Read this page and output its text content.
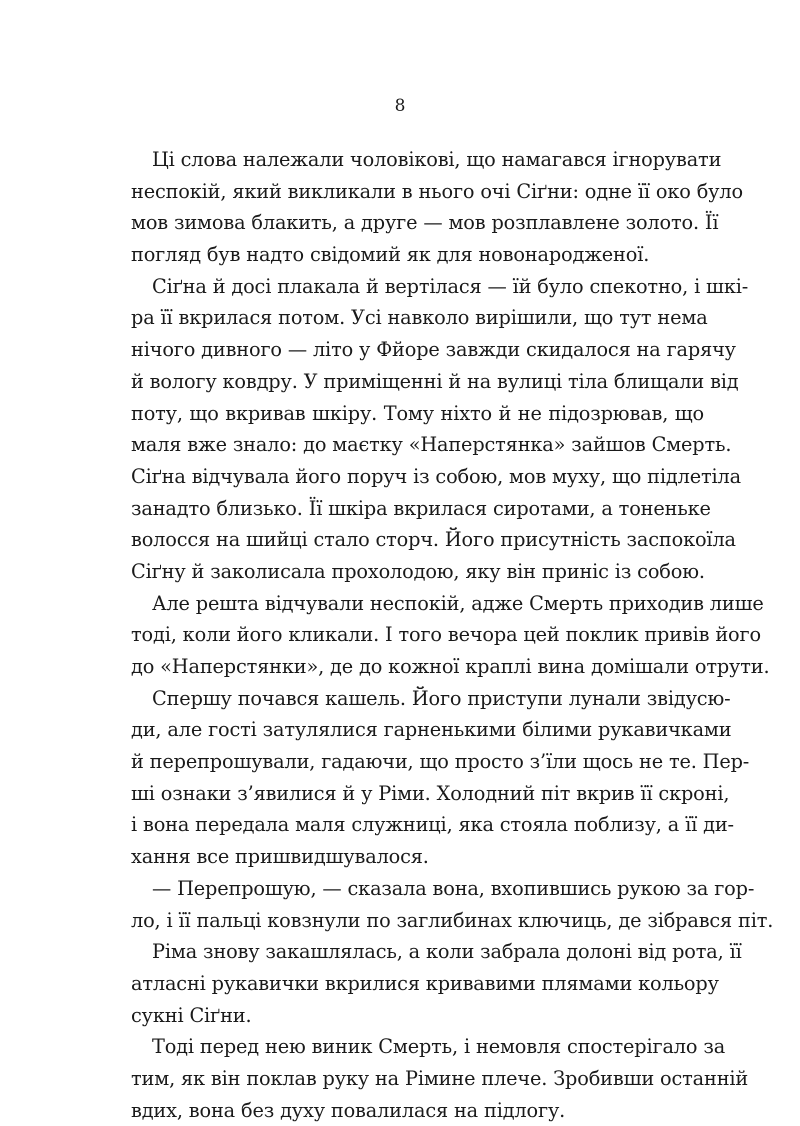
8
Ці слова належали чоловікові, що намагався ігнорувати
неспокій, який викликали в нього очі Сіґни: одне її око було
мов зимова блакить, а друге — мов розплавлене золото. Її
погляд був надто свідомий як для новонародженої.
Сіґна й досі плакала й вертілася — їй було спекотно, і шкі-
ра її вкрилася потом. Усі навколо вирішили, що тут нема
нічого дивного — літо у Фйоре завжди скидалося на гарячу
й вологу ковдру. У приміщенні й на вулиці тіла блищали від
поту, що вкривав шкіру. Тому ніхто й не підозрював, що
маля вже знало: до маєтку «Наперстянка» зайшов Смерть.
Сіґна відчувала його поруч із собою, мов муху, що підлетіла
занадто близько. Її шкіра вкрилася сиротами, а тоненьке
волосся на шийці стало сторч. Його присутність заспокоїла
Сіґну й заколисала прохолодою, яку він приніс із собою.
Але решта відчували неспокій, адже Смерть приходив лише
тоді, коли його кликали. І того вечора цей поклик привів його
до «Наперстянки», де до кожної краплі вина домішали отрути.
Спершу почався кашель. Його приступи лунали звідусю-
ди, але гості затулялися гарненькими білими рукавичками
й перепрошували, гадаючи, що просто з’їли щось не те. Пер-
ші ознаки з’явилися й у Ріми. Холодний піт вкрив її скроні,
і вона передала маля служниці, яка стояла поблизу, а її ди-
хання все пришвидшувалося.
— Перепрошую, — сказала вона, вхопившись рукою за гор-
ло, і її пальці ковзнули по заглибинах ключиць, де зібрався піт.
Ріма знову закашлялась, а коли забрала долоні від рота, її
атласні рукавички вкрилися кривавими плямами кольору
сукні Сіґни.
Тоді перед нею виник Смерть, і немовля спостерігало за
тим, як він поклав руку на Рімине плече. Зробивши останній
вдих, вона без духу повалилася на підлогу.
